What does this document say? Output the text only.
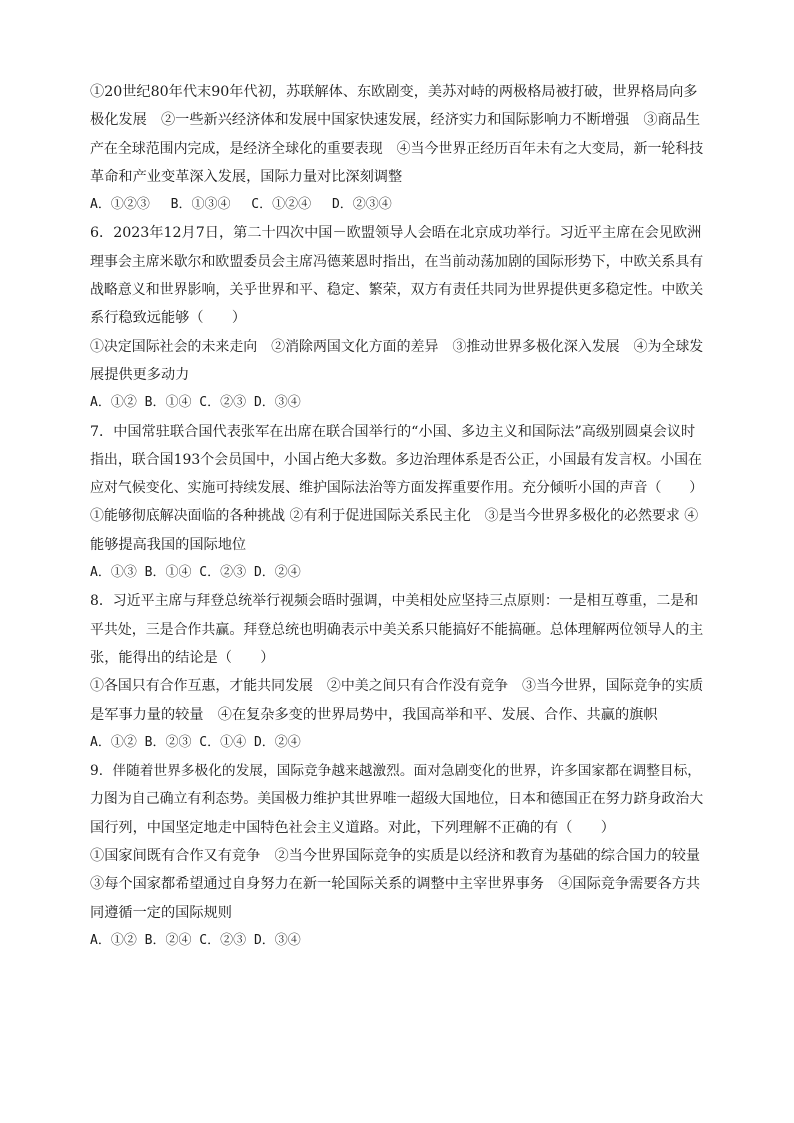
①20世纪80年代末90年代初，苏联解体、东欧剧变，美苏对峙的两极格局被打破，世界格局向多
极化发展　②一些新兴经济体和发展中国家快速发展，经济实力和国际影响力不断增强　③商品生
产在全球范围内完成，是经济全球化的重要表现　④当今世界正经历百年未有之大变局，新一轮科技
革命和产业变革深入发展，国际力量对比深刻调整
A．①②③　 B．①③④　 C．①②④　 D．②③④
6．2023年12月7日，第二十四次中国－欧盟领导人会晤在北京成功举行。习近平主席在会见欧洲
理事会主席米歇尔和欧盟委员会主席冯德莱恩时指出，在当前动荡加剧的国际形势下，中欧关系具有
战略意义和世界影响，关乎世界和平、稳定、繁荣，双方有责任共同为世界提供更多稳定性。中欧关
系行稳致远能够（　　）
①决定国际社会的未来走向　②消除两国文化方面的差异　③推动世界多极化深入发展　④为全球发
展提供更多动力
A．①② B．①④ C．②③ D．③④
7．中国常驻联合国代表张军在出席在联合国举行的“小国、多边主义和国际法”高级别圆桌会议时
指出，联合国193个会员国中，小国占绝大多数。多边治理体系是否公正，小国最有发言权。小国在
应对气候变化、实施可持续发展、维护国际法治等方面发挥重要作用。充分倾听小国的声音（　　）
①能够彻底解决面临的各种挑战 ②有利于促进国际关系民主化　③是当今世界多极化的必然要求 ④
能够提高我国的国际地位
A．①③ B．①④ C．②③ D．②④
8．习近平主席与拜登总统举行视频会晤时强调，中美相处应坚持三点原则：一是相互尊重，二是和
平共处，三是合作共赢。拜登总统也明确表示中美关系只能搞好不能搞砸。总体理解两位领导人的主
张，能得出的结论是（　　）
①各国只有合作互惠，才能共同发展　②中美之间只有合作没有竞争　③当今世界，国际竞争的实质
是军事力量的较量　④在复杂多变的世界局势中，我国高举和平、发展、合作、共赢的旗帜
A．①② B．②③ C．①④ D．②④
9．伴随着世界多极化的发展，国际竞争越来越激烈。面对急剧变化的世界，许多国家都在调整目标，
力图为自己确立有利态势。美国极力维护其世界唯一超级大国地位，日本和德国正在努力跻身政治大
国行列，中国坚定地走中国特色社会主义道路。对此，下列理解不正确的有（　　）
①国家间既有合作又有竞争　②当今世界国际竞争的实质是以经济和教育为基础的综合国力的较量
③每个国家都希望通过自身努力在新一轮国际关系的调整中主宰世界事务　④国际竞争需要各方共
同遵循一定的国际规则
A．①② B．②④ C．②③ D．③④
